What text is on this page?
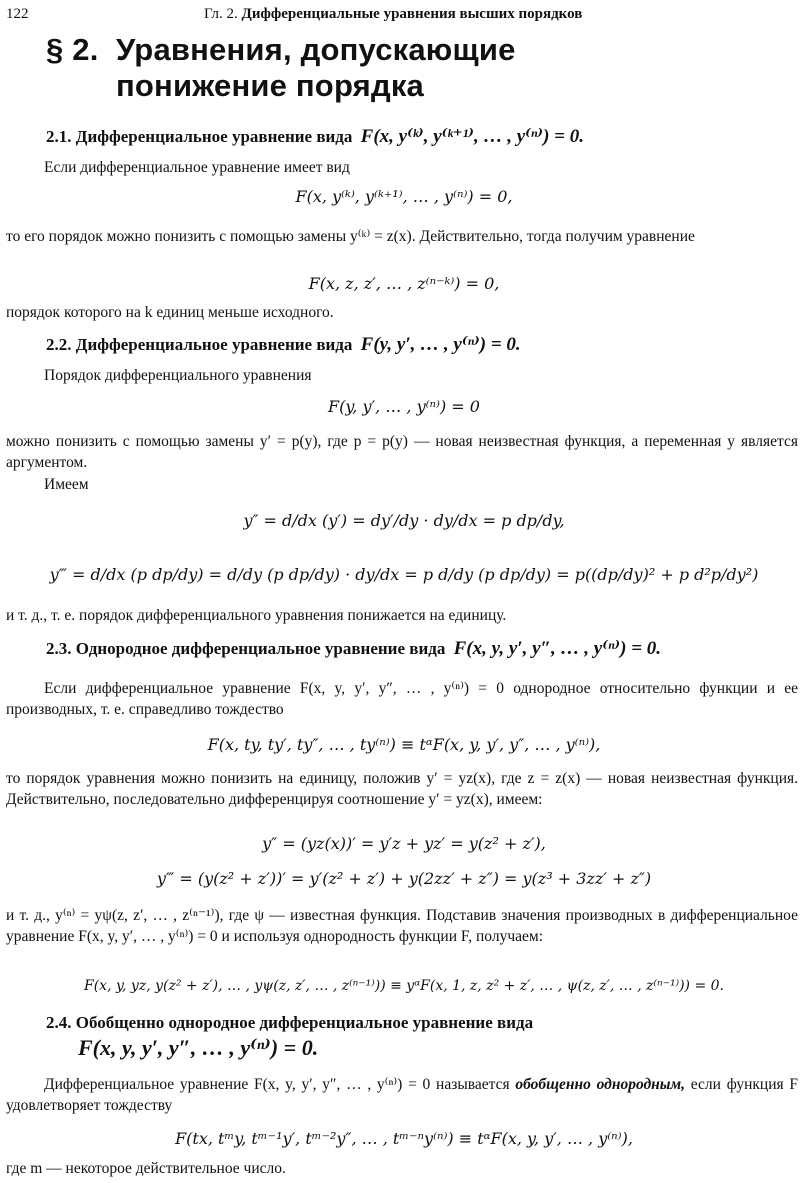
122	Гл. 2. Дифференциальные уравнения высших порядков
§ 2. Уравнения, допускающие
понижение порядка
2.1. Дифференциальное уравнение вида F(x, y⁽ᵏ⁾, y⁽ᵏ⁺¹⁾, … , y⁽ⁿ⁾) = 0.
Если дифференциальное уравнение имеет вид
F(x, y⁽ᵏ⁾, y⁽ᵏ⁺¹⁾, … , y⁽ⁿ⁾) = 0,
то его порядок можно понизить с помощью замены y⁽ᵏ⁾ = z(x). Действительно, тогда получим уравнение
F(x, z, z′, … , z⁽ⁿ⁻ᵏ⁾) = 0,
порядок которого на k единиц меньше исходного.
2.2. Дифференциальное уравнение вида F(y, y′, … , y⁽ⁿ⁾) = 0.
Порядок дифференциального уравнения
F(y, y′, … , y⁽ⁿ⁾) = 0
можно понизить с помощью замены y′ = p(y), где p = p(y) — новая неизвестная функция, а переменная y является аргументом.
Имеем
y″ = d/dx (y′) = dy′/dy · dy/dx = p dp/dy,
y‴ = d/dx (p dp/dy) = d/dy (p dp/dy) · dy/dx = p d/dy (p dp/dy) = p((dp/dy)² + p d²p/dy²)
и т. д., т. е. порядок дифференциального уравнения понижается на единицу.
2.3. Однородное дифференциальное уравнение вида F(x, y, y′, y″, … , y⁽ⁿ⁾) = 0.
Если дифференциальное уравнение F(x, y, y′, y″, … , y⁽ⁿ⁾) = 0 однородное относительно функции и ее производных, т. е. справедливо тождество
F(x, ty, ty′, ty″, … , ty⁽ⁿ⁾) ≡ tᵅF(x, y, y′, y″, … , y⁽ⁿ⁾),
то порядок уравнения можно понизить на единицу, положив y′ = yz(x), где z = z(x) — новая неизвестная функция. Действительно, последовательно дифференцируя соотношение y′ = yz(x), имеем:
y″ = (yz(x))′ = y′z + yz′ = y(z² + z′),
y‴ = (y(z² + z′))′ = y′(z² + z′) + y(2zz′ + z″) = y(z³ + 3zz′ + z″)
и т. д., y⁽ⁿ⁾ = yψ(z, z′, … , z⁽ⁿ⁻¹⁾), где ψ — известная функция. Подставив значения производных в дифференциальное уравнение F(x, y, y′, … , y⁽ⁿ⁾) = 0 и используя однородность функции F, получаем:
F(x, y, yz, y(z² + z′), … , yψ(z, z′, … , z⁽ⁿ⁻¹⁾)) ≡ yᵅF(x, 1, z, z² + z′, … , ψ(z, z′, … , z⁽ⁿ⁻¹⁾)) = 0.
2.4. Обобщенно однородное дифференциальное уравнение вида
F(x, y, y′, y″, … , y⁽ⁿ⁾) = 0.
Дифференциальное уравнение F(x, y, y′, y″, … , y⁽ⁿ⁾) = 0 называется обобщенно однородным, если функция F удовлетворяет тождеству
F(tx, tᵐy, tᵐ⁻¹y′, tᵐ⁻²y″, … , tᵐ⁻ⁿy⁽ⁿ⁾) ≡ tᵅF(x, y, y′, … , y⁽ⁿ⁾),
где m — некоторое действительное число.
